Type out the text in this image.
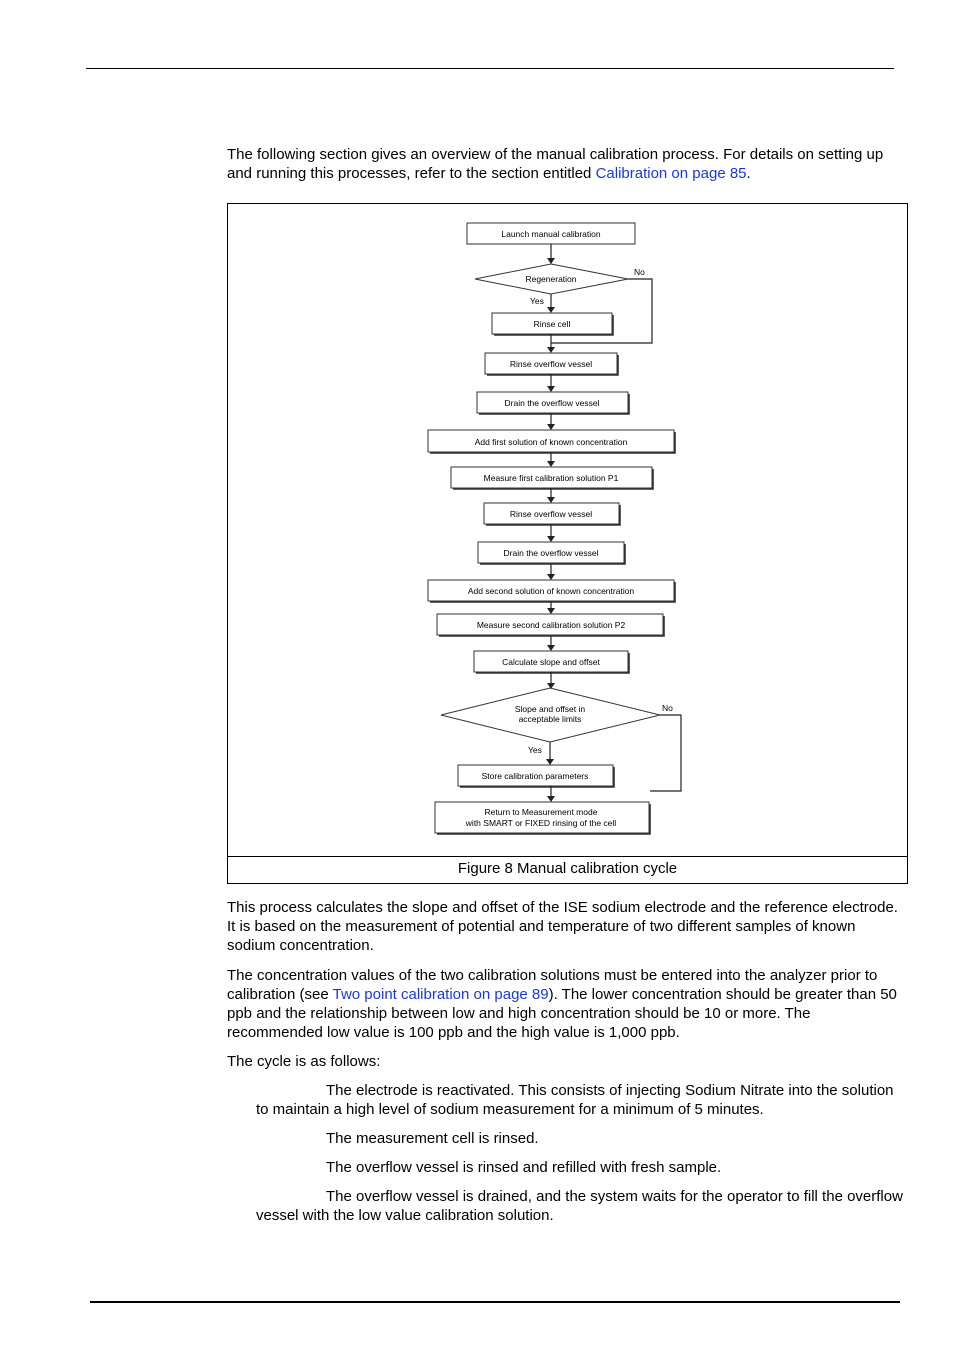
The following section gives an overview of the manual calibration process. For details on setting up and running this processes, refer to the section entitled Calibration on page 85.

Launch manual calibration
Regeneration
No
Yes
Rinse cell
Rinse overflow vessel
Drain the overflow vessel
Add first solution of known concentration
Measure first calibration solution P1
Rinse overflow vessel
Drain the overflow vessel
Add second solution of known concentration
Measure second calibration solution P2
Calculate slope and offset
Slope and offset in
acceptable limits
No
Yes
Store calibration parameters
Return to Measurement mode
with SMART or FIXED rinsing of the cell
Figure 8 Manual calibration cycle

This process calculates the slope and offset of the ISE sodium electrode and the reference electrode. It is based on the measurement of potential and temperature of two different samples of known sodium concentration.

The concentration values of the two calibration solutions must be entered into the analyzer prior to calibration (see Two point calibration on page 89). The lower concentration should be greater than 50 ppb and the relationship between low and high concentration should be 10 or more. The recommended low value is 100 ppb and the high value is 1,000 ppb.

The cycle is as follows:

The electrode is reactivated. This consists of injecting Sodium Nitrate into the solution to maintain a high level of sodium measurement for a minimum of 5 minutes.

The measurement cell is rinsed.

The overflow vessel is rinsed and refilled with fresh sample.

The overflow vessel is drained, and the system waits for the operator to fill the overflow vessel with the low value calibration solution.
